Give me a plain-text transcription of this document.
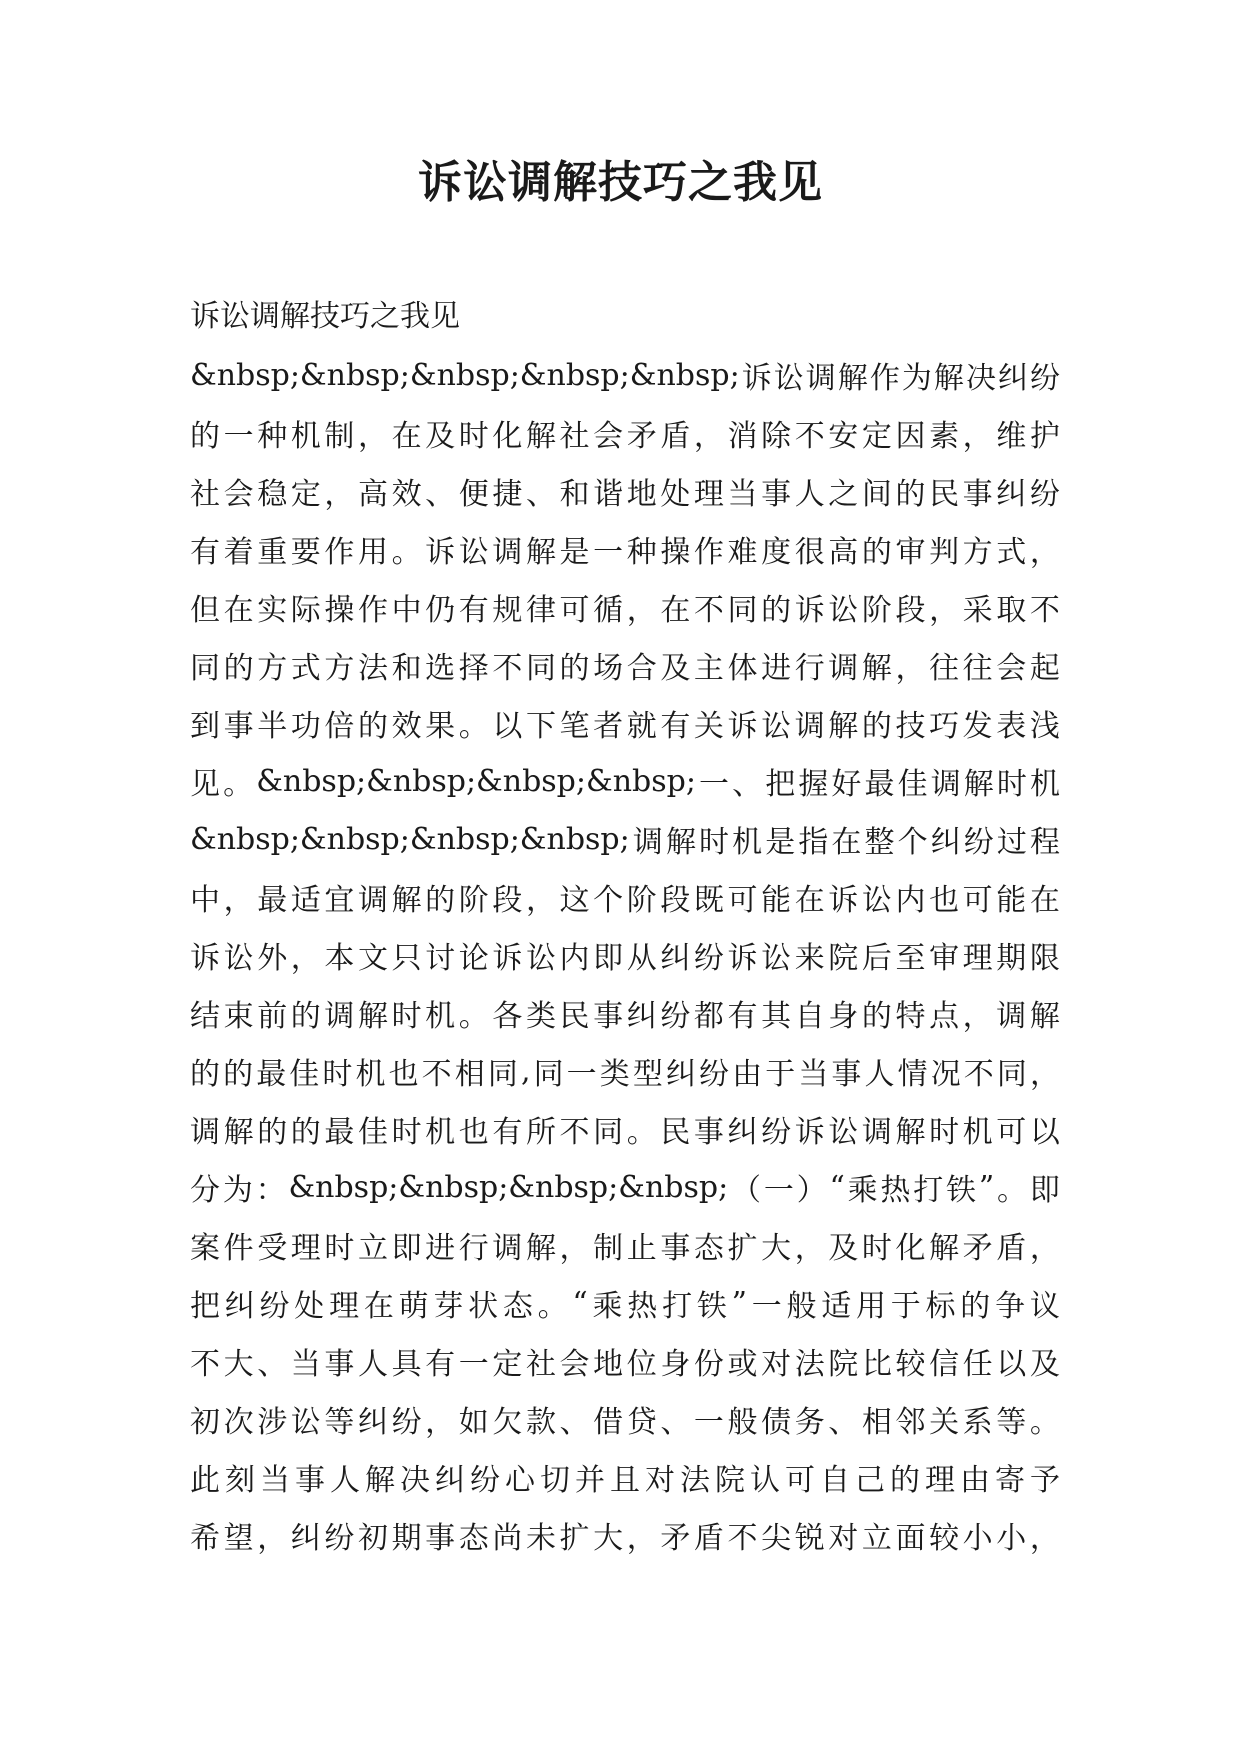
诉讼调解技巧之我见

诉讼调解技巧之我见

&nbsp;&nbsp;&nbsp;&nbsp;&nbsp; 诉 讼 调 解 作 为 解 决 纠 纷
的 一 种 机 制 ， 在 及 时 化 解 社 会 矛 盾 ， 消 除 不 安 定 因 素 ， 维 护
社 会 稳 定 ， 高 效 、 便 捷 、 和 谐 地 处 理 当 事 人 之 间 的 民 事 纠 纷
有 着 重 要 作 用 。 诉 讼 调 解 是 一 种 操 作 难 度 很 高 的 审 判 方 式 ，
但 在 实 际 操 作 中 仍 有 规 律 可 循 ， 在 不 同 的 诉 讼 阶 段 ， 采 取 不
同 的 方 式 方 法 和 选 择 不 同 的 场 合 及 主 体 进 行 调 解 ， 往 往 会 起
到 事 半 功 倍 的 效 果 。 以 下 笔 者 就 有 关 诉 讼 调 解 的 技 巧 发 表 浅
见 。 &nbsp;&nbsp;&nbsp;&nbsp; 一 、 把 握 好 最 佳 调 解 时 机
&nbsp;&nbsp;&nbsp;&nbsp; 调 解 时 机 是 指 在 整 个 纠 纷 过 程
中 ， 最 适 宜 调 解 的 阶 段 ， 这 个 阶 段 既 可 能 在 诉 讼 内 也 可 能 在
诉 讼 外 ， 本 文 只 讨 论 诉 讼 内 即 从 纠 纷 诉 讼 来 院 后 至 审 理 期 限
结 束 前 的 调 解 时 机 。 各 类 民 事 纠 纷 都 有 其 自 身 的 特 点 ， 调 解
的 的 最 佳 时 机 也 不 相 同 , 同 一 类 型 纠 纷 由 于 当 事 人 情 况 不 同 ，
调 解 的 的 最 佳 时 机 也 有 所 不 同 。 民 事 纠 纷 诉 讼 调 解 时 机 可 以
分 为 ： &nbsp;&nbsp;&nbsp;&nbsp; （ 一 ） “ 乘 热 打 铁 ” 。 即
案 件 受 理 时 立 即 进 行 调 解 ， 制 止 事 态 扩 大 ， 及 时 化 解 矛 盾 ，
把 纠 纷 处 理 在 萌 芽 状 态 。 “ 乘 热 打 铁 ” 一 般 适 用 于 标 的 争 议
不 大 、 当 事 人 具 有 一 定 社 会 地 位 身 份 或 对 法 院 比 较 信 任 以 及
初 次 涉 讼 等 纠 纷 ， 如 欠 款 、 借 贷 、 一 般 债 务 、 相 邻 关 系 等 。
此 刻 当 事 人 解 决 纠 纷 心 切 并 且 对 法 院 认 可 自 己 的 理 由 寄 予
希 望 ， 纠 纷 初 期 事 态 尚 未 扩 大 ， 矛 盾 不 尖 锐 对 立 面 较 小 小 ，
